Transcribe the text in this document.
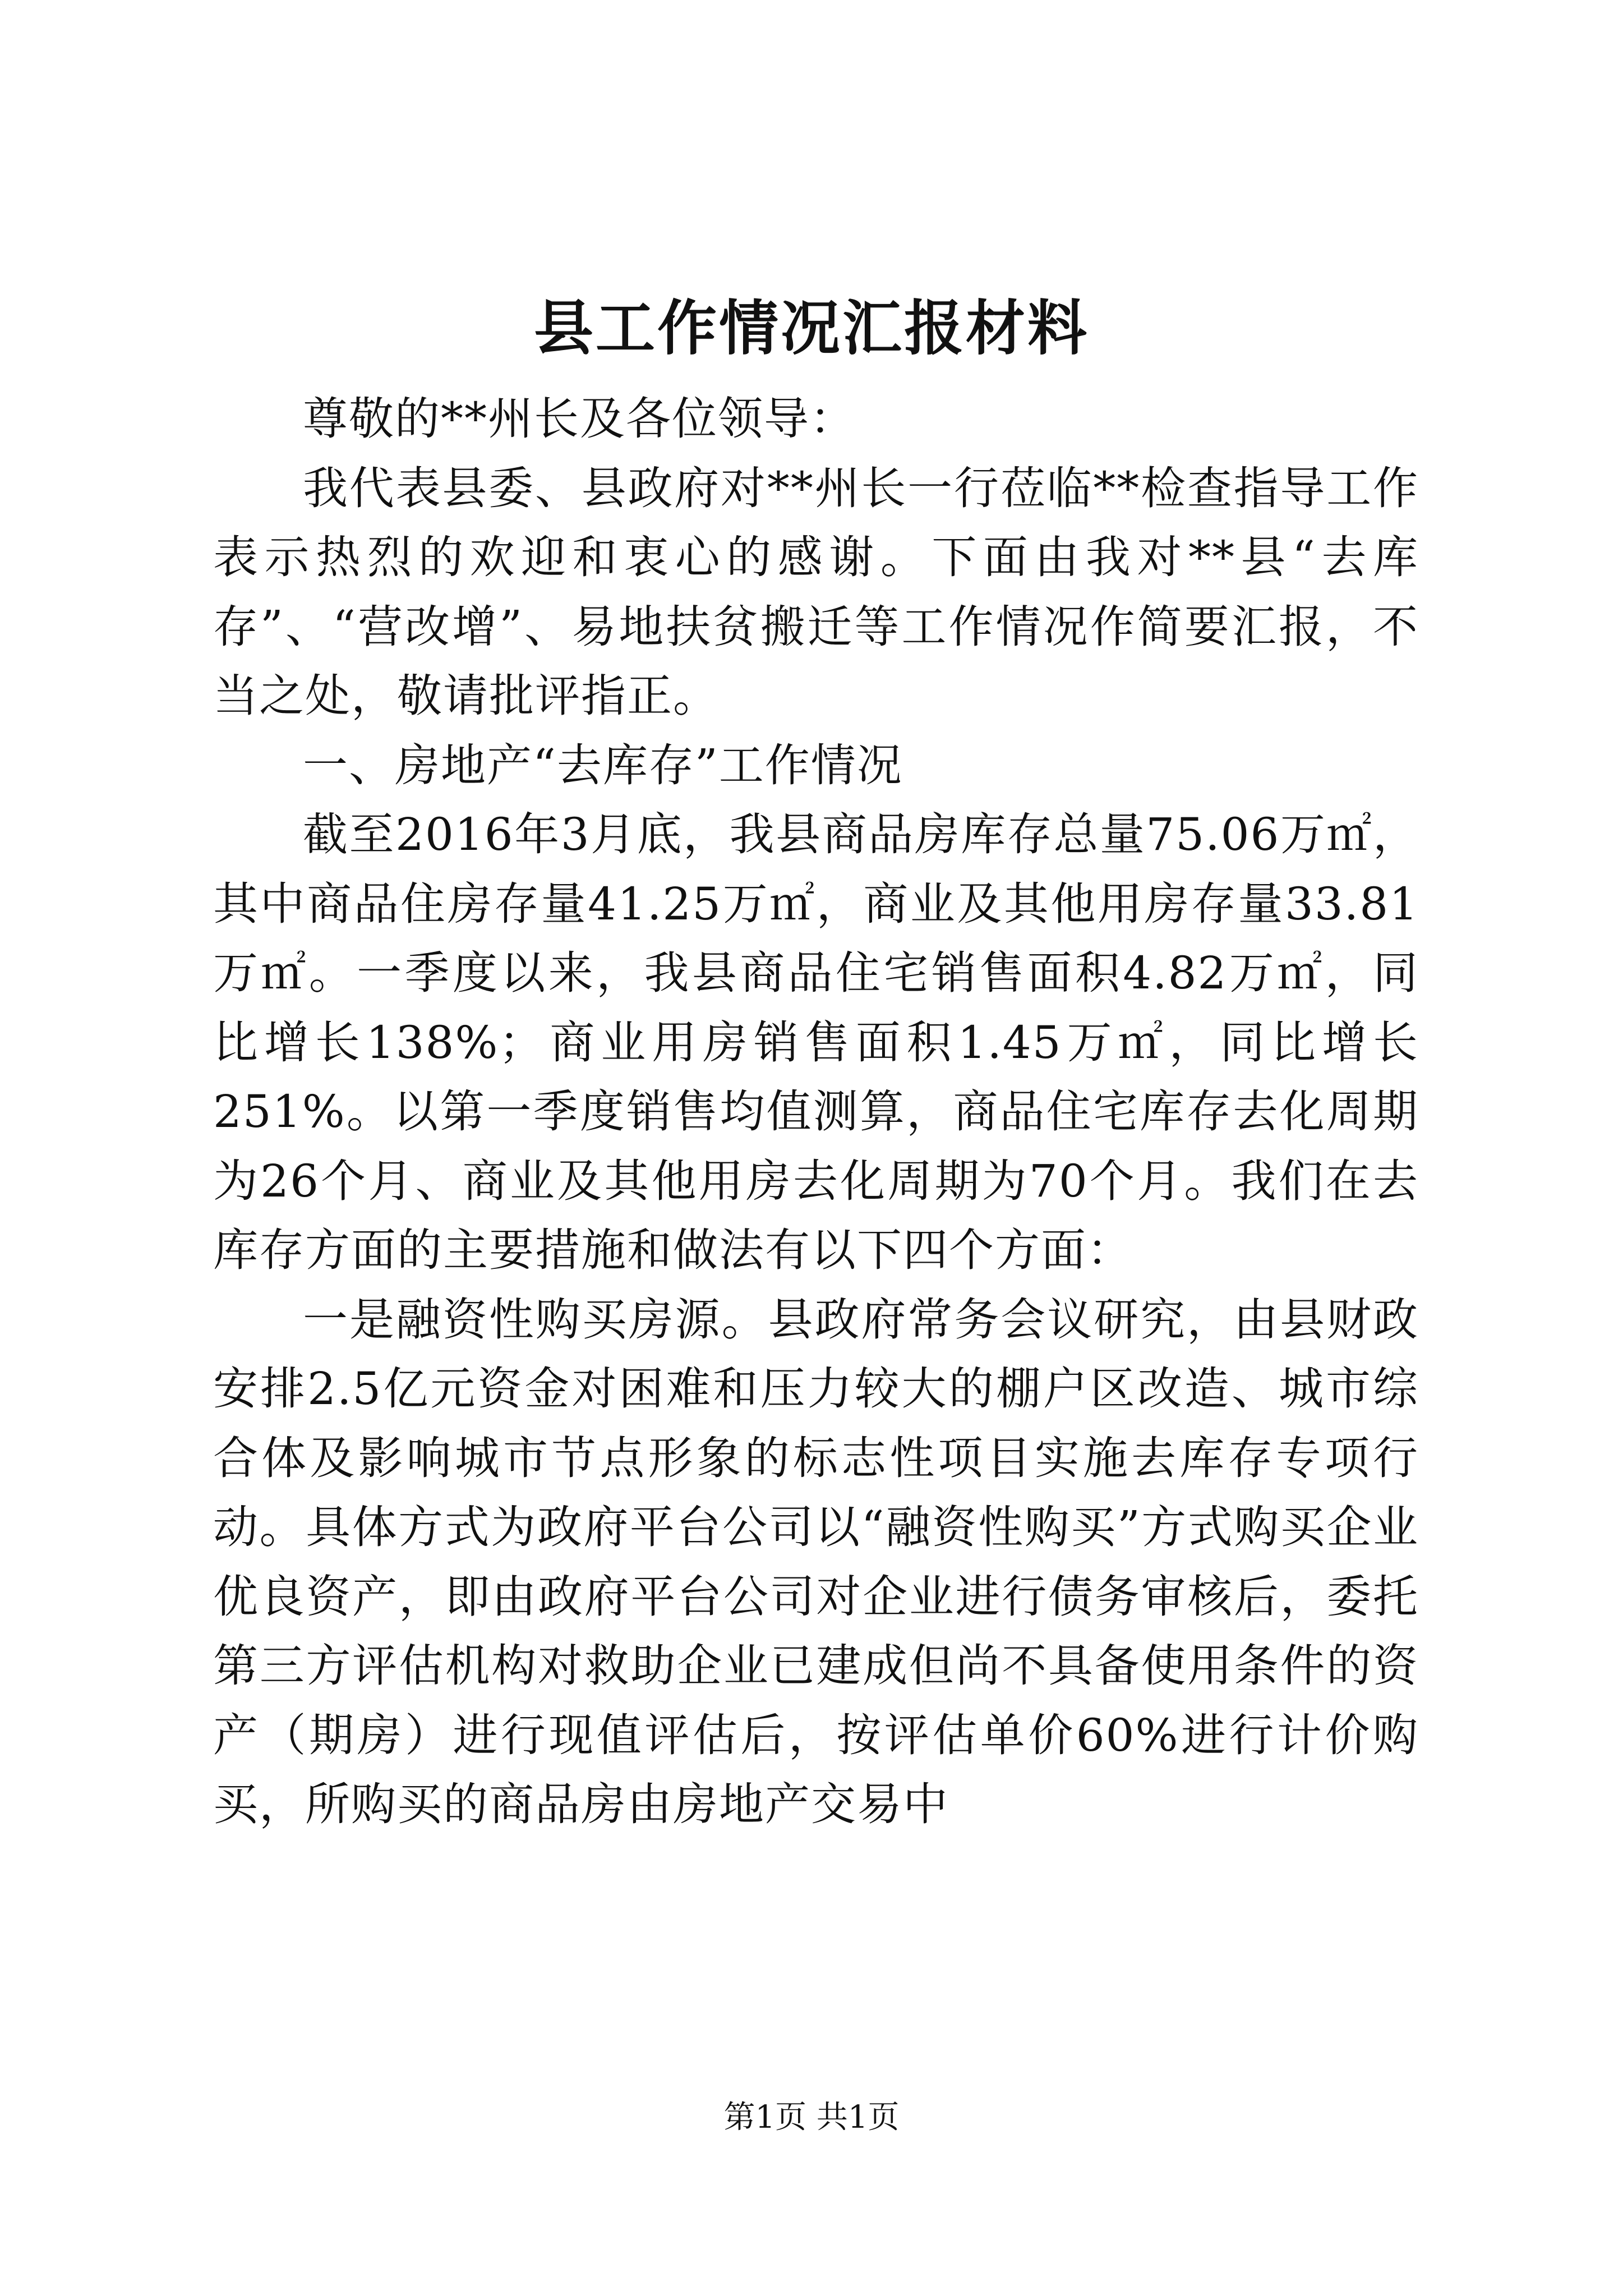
县工作情况汇报材料

尊敬的**州长及各位领导：

我代表县委、县政府对**州长一行莅临**检查指导工作表示热烈的欢迎和衷心的感谢。下面由我对**县“去库存”、“营改增”、易地扶贫搬迁等工作情况作简要汇报，不当之处，敬请批评指正。

一、房地产“去库存”工作情况

截至2016年3月底，我县商品房库存总量75.06万㎡，其中商品住房存量41.25万㎡，商业及其他用房存量33.81万㎡。一季度以来，我县商品住宅销售面积4.82万㎡，同比增长138%；商业用房销售面积1.45万㎡，同比增长251%。以第一季度销售均值测算，商品住宅库存去化周期为26个月、商业及其他用房去化周期为70个月。我们在去库存方面的主要措施和做法有以下四个方面：

一是融资性购买房源。县政府常务会议研究，由县财政安排2.5亿元资金对困难和压力较大的棚户区改造、城市综合体及影响城市节点形象的标志性项目实施去库存专项行动。具体方式为政府平台公司以“融资性购买”方式购买企业优良资产，即由政府平台公司对企业进行债务审核后，委托第三方评估机构对救助企业已建成但尚不具备使用条件的资产（期房）进行现值评估后，按评估单价60%进行计价购买，所购买的商品房由房地产交易中

第1页 共1页
